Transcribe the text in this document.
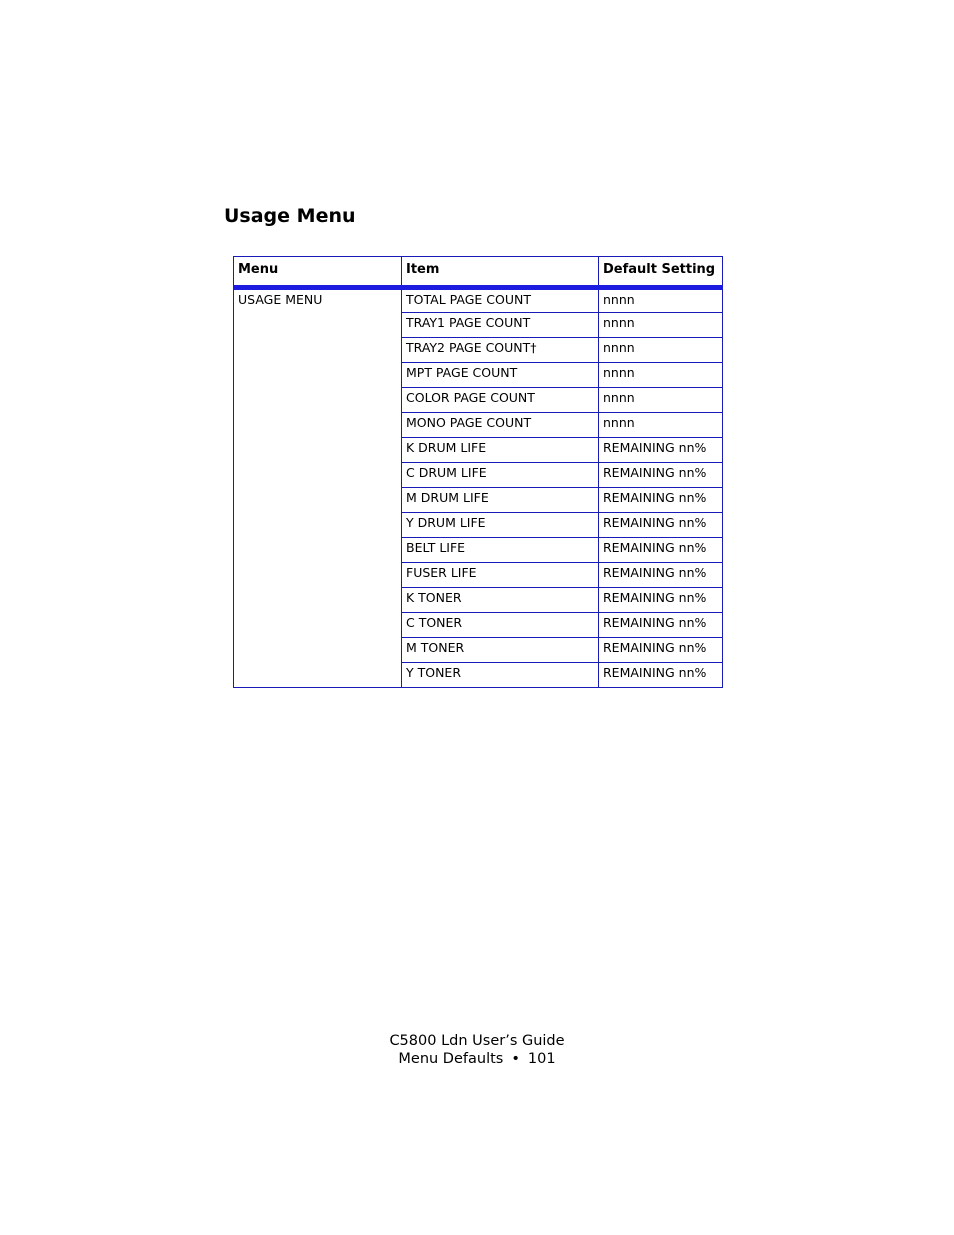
Usage Menu
Menu	Item	Default Setting
USAGE MENU	TOTAL PAGE COUNT	nnnn
	TRAY1 PAGE COUNT	nnnn
	TRAY2 PAGE COUNT†	nnnn
	MPT PAGE COUNT	nnnn
	COLOR PAGE COUNT	nnnn
	MONO PAGE COUNT	nnnn
	K DRUM LIFE	REMAINING nn%
	C DRUM LIFE	REMAINING nn%
	M DRUM LIFE	REMAINING nn%
	Y DRUM LIFE	REMAINING nn%
	BELT LIFE	REMAINING nn%
	FUSER LIFE	REMAINING nn%
	K TONER	REMAINING nn%
	C TONER	REMAINING nn%
	M TONER	REMAINING nn%
	Y TONER	REMAINING nn%
C5800 Ldn User’s Guide
Menu Defaults • 101
